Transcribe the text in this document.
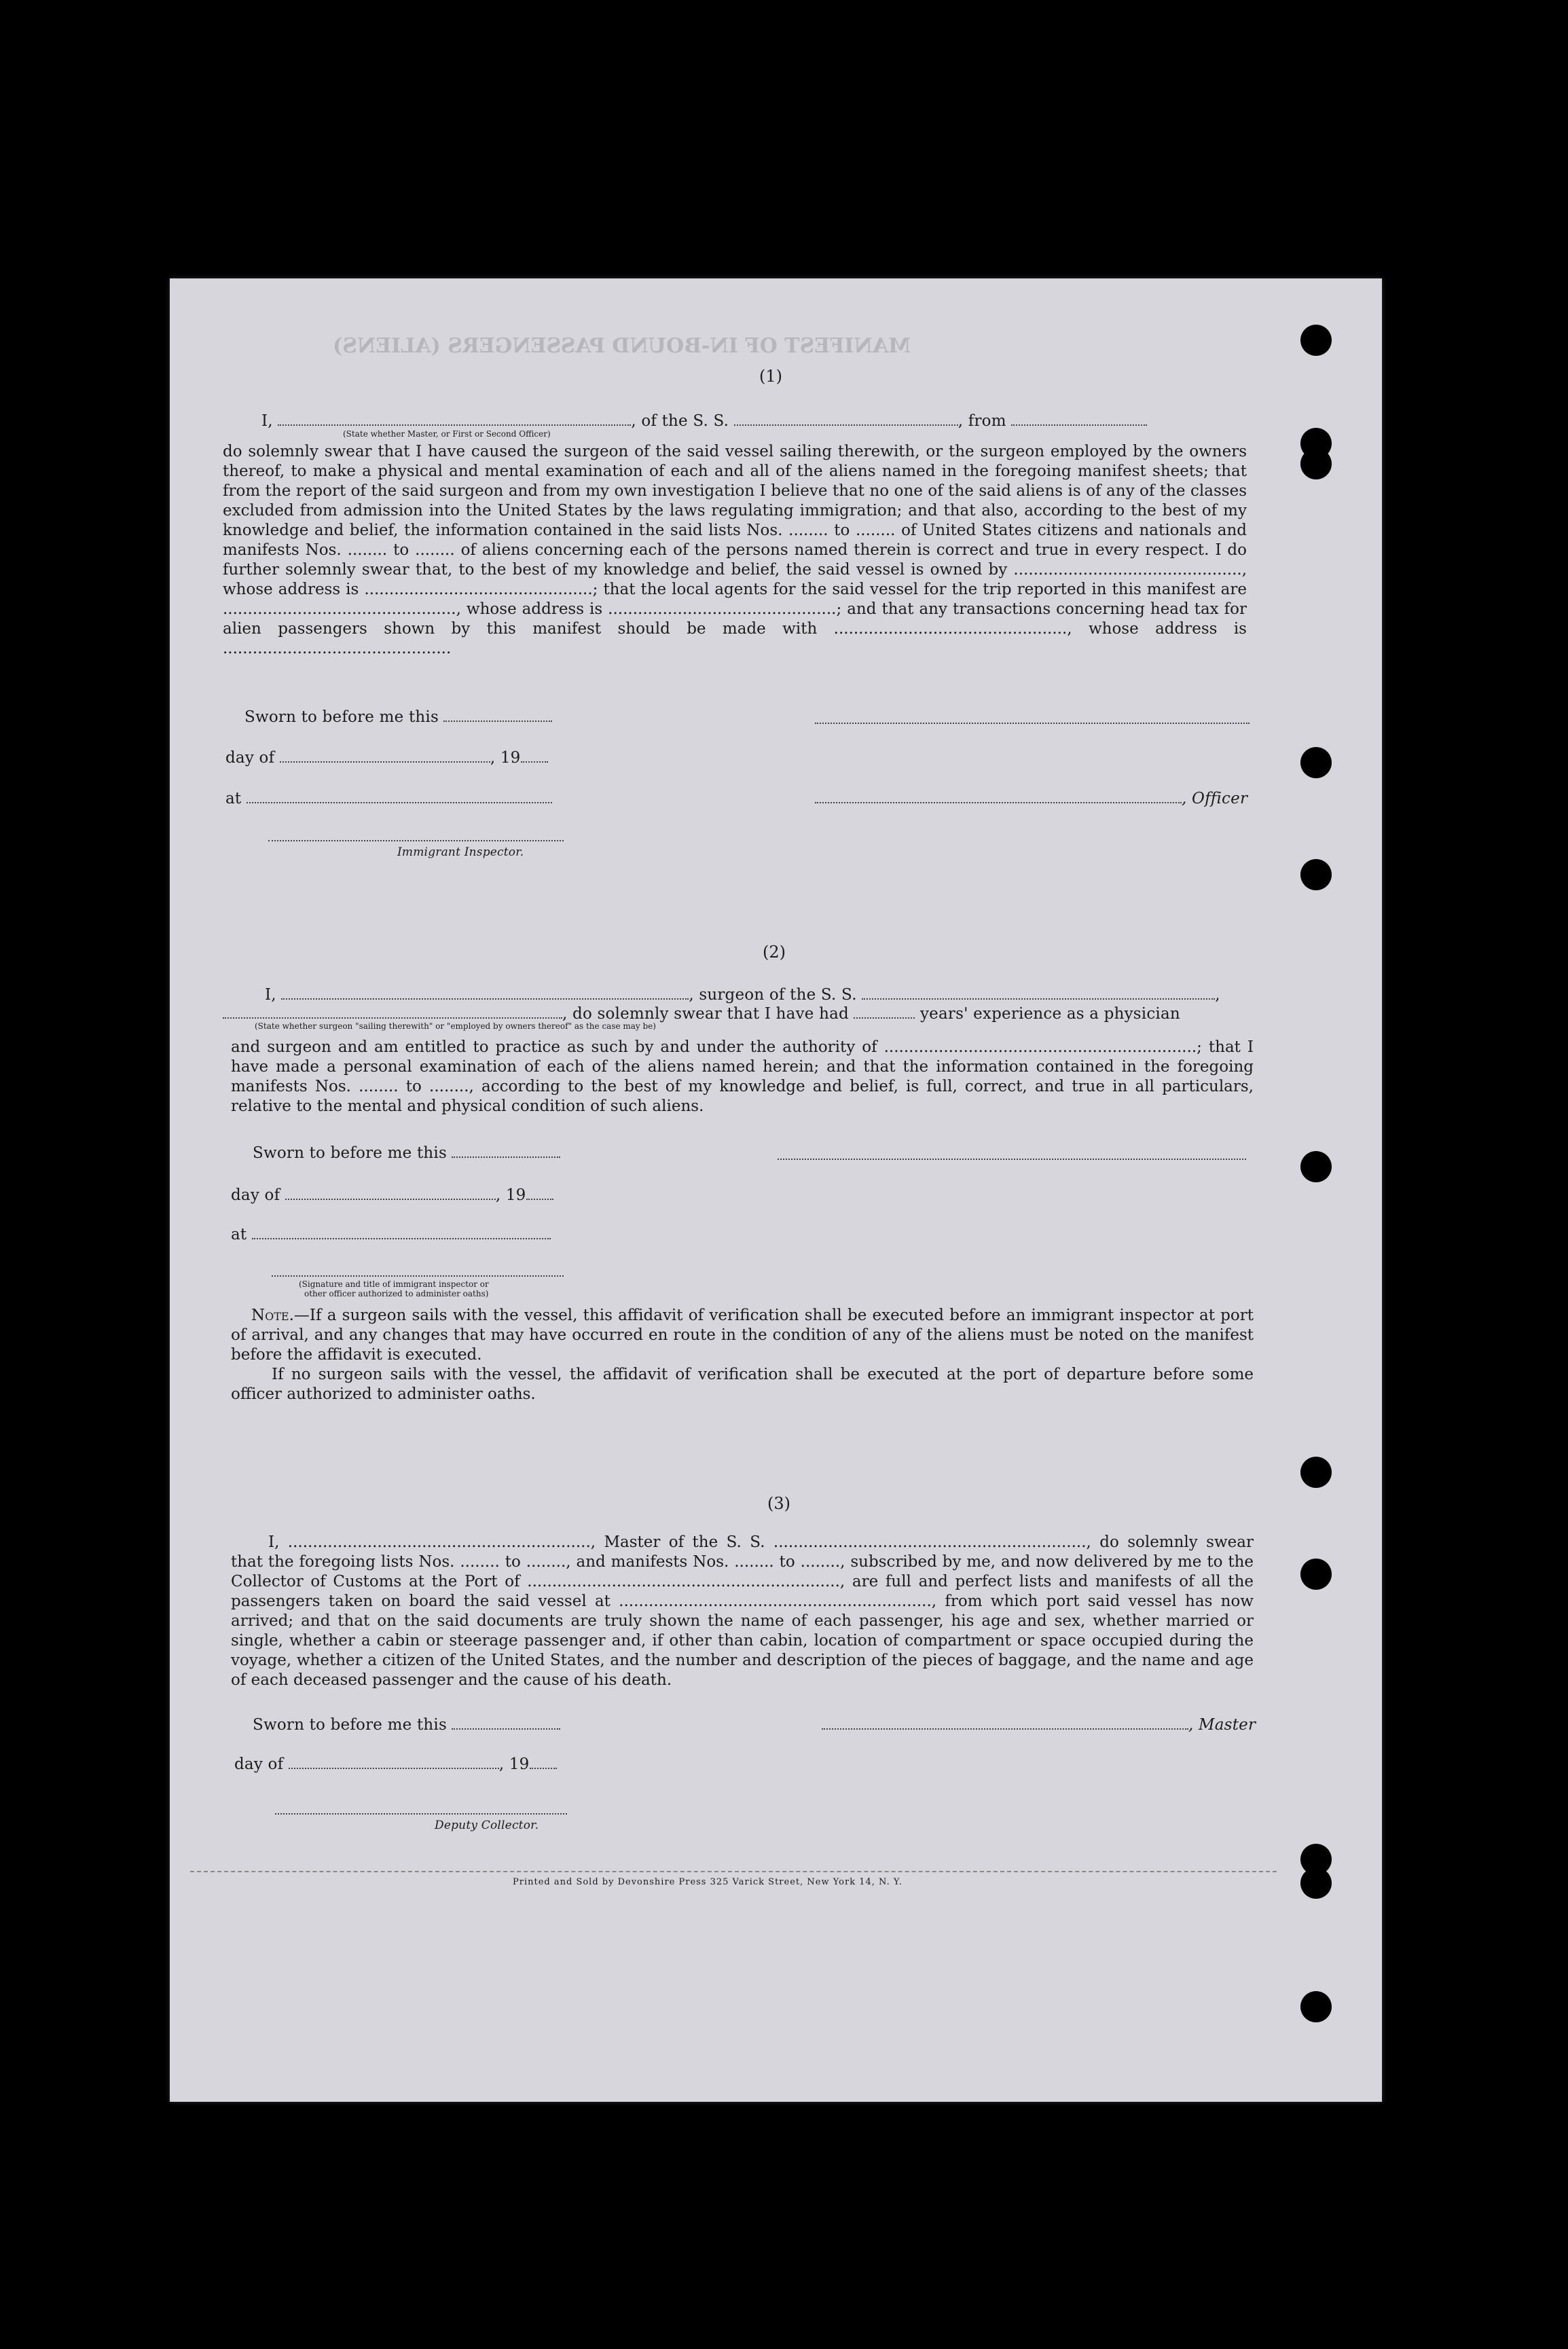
MANIFEST OF IN-BOUND PASSENGERS (ALIENS)
(1)
I,	, of the S. S.	, from
(State whether Master, or First or Second Officer)
do solemnly swear that I have caused the surgeon of the said vessel sailing therewith, or the surgeon employed by the owners thereof, to make a physical and mental examination of each and all of the aliens named in the foregoing manifest sheets; that from the report of the said surgeon and from my own investigation I believe that no one of the said aliens is of any of the classes excluded from admission into the United States by the laws regulating immigration; and that also, according to the best of my knowledge and belief, the information contained in the said lists Nos. ........ to ........ of United States citizens and nationals and manifests Nos. ........ to ........ of aliens concerning each of the persons named therein is correct and true in every respect. I do further solemnly swear that, to the best of my knowledge and belief, the said vessel is owned by .............................................., whose address is ..............................................; that the local agents for the said vessel for the trip reported in this manifest are ..............................................., whose address is ..............................................; and that any transactions concerning head tax for alien passengers shown by this manifest should be made with ..............................................., whose address is ..............................................
Sworn to before me this
day of	, 19
at	, Officer
Immigrant Inspector.
(2)
I,	, surgeon of the S. S.	,
, do solemnly swear that I have had	years' experience as a physician
(State whether surgeon "sailing therewith" or "employed by owners thereof" as the case may be)
and surgeon and am entitled to practice as such by and under the authority of ...............................................................; that I have made a personal examination of each of the aliens named herein; and that the information contained in the foregoing manifests Nos. ........ to ........, according to the best of my knowledge and belief, is full, correct, and true in all particulars, relative to the mental and physical condition of such aliens.
Sworn to before me this
day of	, 19
at
(Signature and title of immigrant inspector or
other officer authorized to administer oaths)
Note.—If a surgeon sails with the vessel, this affidavit of verification shall be executed before an immigrant inspector at port of arrival, and any changes that may have occurred en route in the condition of any of the aliens must be noted on the manifest before the affidavit is executed.
If no surgeon sails with the vessel, the affidavit of verification shall be executed at the port of departure before some officer authorized to administer oaths.
(3)
I, ............................................................., Master of the S. S. ..............................................................., do solemnly swear that the foregoing lists Nos. ........ to ........, and manifests Nos. ........ to ........, subscribed by me, and now delivered by me to the Collector of Customs at the Port of ..............................................................., are full and perfect lists and manifests of all the passengers taken on board the said vessel at ..............................................................., from which port said vessel has now arrived; and that on the said documents are truly shown the name of each passenger, his age and sex, whether married or single, whether a cabin or steerage passenger and, if other than cabin, location of compartment or space occupied during the voyage, whether a citizen of the United States, and the number and description of the pieces of baggage, and the name and age of each deceased passenger and the cause of his death.
Sworn to before me this	, Master
day of	, 19
Deputy Collector.
Printed and Sold by Devonshire Press 325 Varick Street, New York 14, N. Y.
